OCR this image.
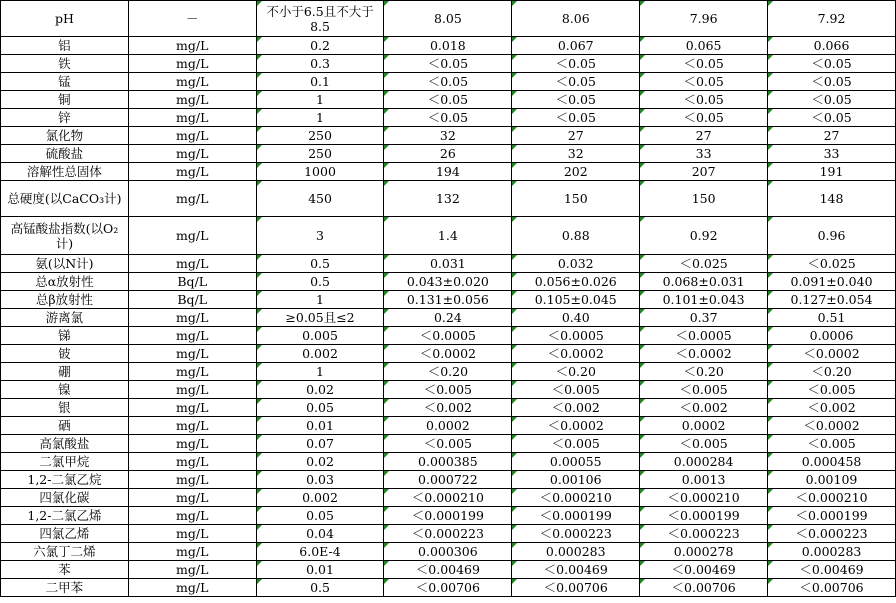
pH	－	不小于6.5且不大于8.5	8.05	8.06	7.96	7.92
铝	mg/L	0.2	0.018	0.067	0.065	0.066
铁	mg/L	0.3	＜0.05	＜0.05	＜0.05	＜0.05
锰	mg/L	0.1	＜0.05	＜0.05	＜0.05	＜0.05
铜	mg/L	1	＜0.05	＜0.05	＜0.05	＜0.05
锌	mg/L	1	＜0.05	＜0.05	＜0.05	＜0.05
氯化物	mg/L	250	32	27	27	27
硫酸盐	mg/L	250	26	32	33	33
溶解性总固体	mg/L	1000	194	202	207	191
总硬度(以CaCO₃计)	mg/L	450	132	150	150	148
高锰酸盐指数(以O₂计)	mg/L	3	1.4	0.88	0.92	0.96
氨(以N计)	mg/L	0.5	0.031	0.032	＜0.025	＜0.025
总α放射性	Bq/L	0.5	0.043±0.020	0.056±0.026	0.068±0.031	0.091±0.040
总β放射性	Bq/L	1	0.131±0.056	0.105±0.045	0.101±0.043	0.127±0.054
游离氯	mg/L	≥0.05且≤2	0.24	0.40	0.37	0.51
锑	mg/L	0.005	＜0.0005	＜0.0005	＜0.0005	0.0006
铍	mg/L	0.002	＜0.0002	＜0.0002	＜0.0002	＜0.0002
硼	mg/L	1	＜0.20	＜0.20	＜0.20	＜0.20
镍	mg/L	0.02	＜0.005	＜0.005	＜0.005	＜0.005
银	mg/L	0.05	＜0.002	＜0.002	＜0.002	＜0.002
硒	mg/L	0.01	0.0002	＜0.0002	0.0002	＜0.0002
高氯酸盐	mg/L	0.07	＜0.005	＜0.005	＜0.005	＜0.005
二氯甲烷	mg/L	0.02	0.000385	0.00055	0.000284	0.000458
1,2-二氯乙烷	mg/L	0.03	0.000722	0.00106	0.0013	0.00109
四氯化碳	mg/L	0.002	＜0.000210	＜0.000210	＜0.000210	＜0.000210
1,2-二氯乙烯	mg/L	0.05	＜0.000199	＜0.000199	＜0.000199	＜0.000199
四氯乙烯	mg/L	0.04	＜0.000223	＜0.000223	＜0.000223	＜0.000223
六氯丁二烯	mg/L	6.0E-4	0.000306	0.000283	0.000278	0.000283
苯	mg/L	0.01	＜0.00469	＜0.00469	＜0.00469	＜0.00469
二甲苯	mg/L	0.5	＜0.00706	＜0.00706	＜0.00706	＜0.00706
